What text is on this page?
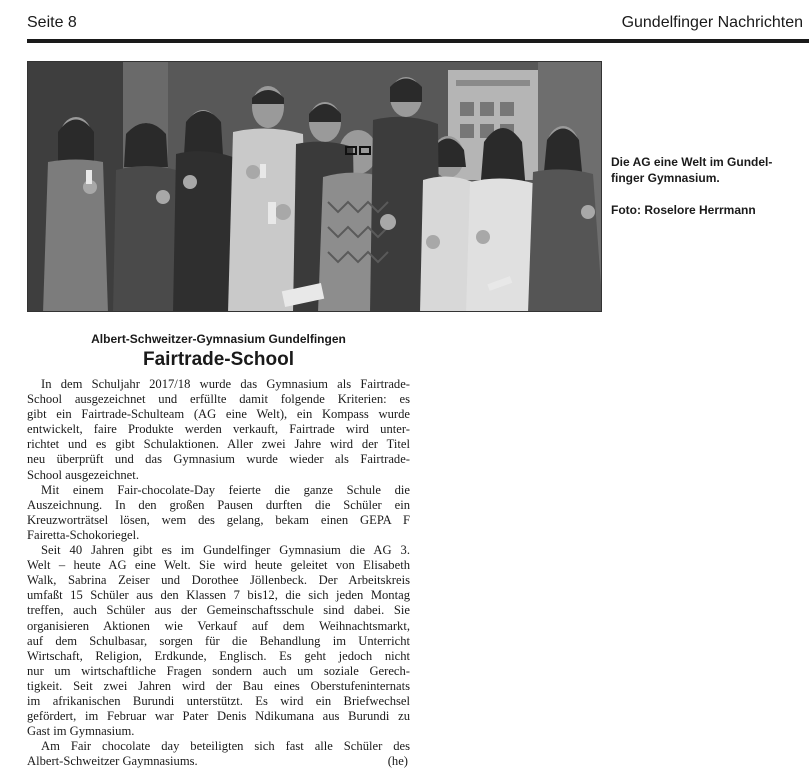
Seite 8	Gundelfinger Nachrichten
Die AG eine Welt im Gundel-
finger Gymnasium.
Foto: Roselore Herrmann
Albert-Schweitzer-Gymnasium Gundelfingen
Fairtrade-School
In dem Schuljahr 2017/18 wurde das Gymnasium als Fairtrade-
School ausgezeichnet und erfüllte damit folgende Kriterien: es
gibt ein Fairtrade-Schulteam (AG eine Welt), ein Kompass wurde
entwickelt, faire Produkte werden verkauft, Fairtrade wird unter-
richtet und es gibt Schulaktionen. Aller zwei Jahre wird der Titel
neu überprüft und das Gymnasium wurde wieder als Fairtrade-
School ausgezeichnet.
Mit einem Fair-chocolate-Day feierte die ganze Schule die
Auszeichnung. In den großen Pausen durften die Schüler ein
Kreuzworträtsel lösen, wem des gelang, bekam einen GEPA F
Fairetta-Schokoriegel.
Seit 40 Jahren gibt es im Gundelfinger Gymnasium die AG 3.
Welt – heute AG eine Welt. Sie wird heute geleitet von Elisabeth
Walk, Sabrina Zeiser und Dorothee Jöllenbeck. Der Arbeitskreis
umfaßt 15 Schüler aus den Klassen 7 bis12, die sich jeden Montag
treffen, auch Schüler aus der Gemeinschaftsschule sind dabei. Sie
organisieren Aktionen wie Verkauf auf dem Weihnachtsmarkt,
auf dem Schulbasar, sorgen für die Behandlung im Unterricht
Wirtschaft, Religion, Erdkunde, Englisch. Es geht jedoch nicht
nur um wirtschaftliche Fragen sondern auch um soziale Gerech-
tigkeit. Seit zwei Jahren wird der Bau eines Oberstufeninternats
im afrikanischen Burundi unterstützt. Es wird ein Briefwechsel
gefördert, im Februar war Pater Denis Ndikumana aus Burundi zu
Gast im Gymnasium.
Am Fair chocolate day beteiligten sich fast alle Schüler des
Albert-Schweitzer Gaymnasiums.	(he)
